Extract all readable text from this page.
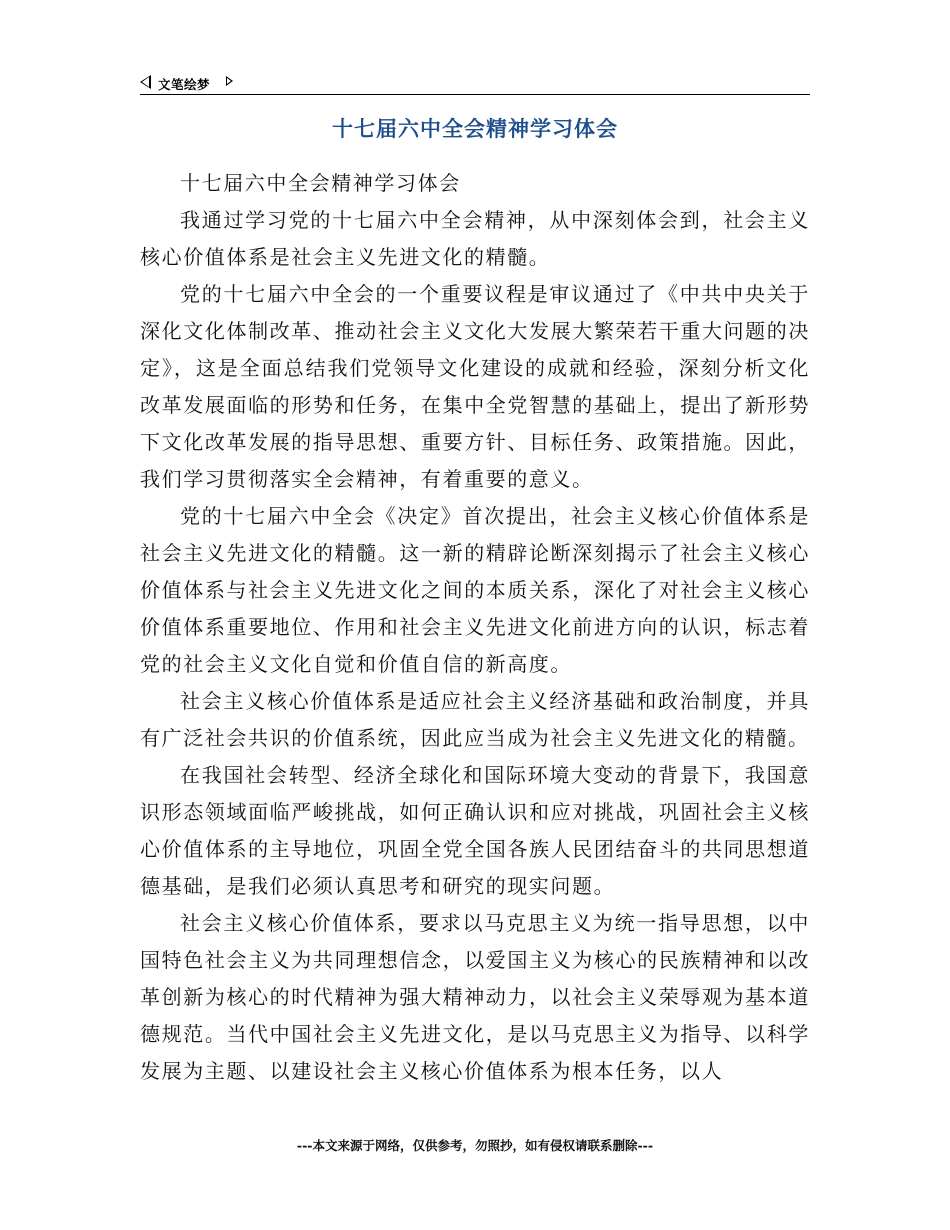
文笔绘梦
十七届六中全会精神学习体会

十七届六中全会精神学习体会

我通过学习党的十七届六中全会精神，从中深刻体会到，社会主义核心价值体系是社会主义先进文化的精髓。

党的十七届六中全会的一个重要议程是审议通过了《中共中央关于深化文化体制改革、推动社会主义文化大发展大繁荣若干重大问题的决定》，这是全面总结我们党领导文化建设的成就和经验，深刻分析文化改革发展面临的形势和任务，在集中全党智慧的基础上，提出了新形势下文化改革发展的指导思想、重要方针、目标任务、政策措施。因此，我们学习贯彻落实全会精神，有着重要的意义。

党的十七届六中全会《决定》首次提出，社会主义核心价值体系是社会主义先进文化的精髓。这一新的精辟论断深刻揭示了社会主义核心价值体系与社会主义先进文化之间的本质关系，深化了对社会主义核心价值体系重要地位、作用和社会主义先进文化前进方向的认识，标志着党的社会主义文化自觉和价值自信的新高度。

社会主义核心价值体系是适应社会主义经济基础和政治制度，并具有广泛社会共识的价值系统，因此应当成为社会主义先进文化的精髓。

在我国社会转型、经济全球化和国际环境大变动的背景下，我国意识形态领域面临严峻挑战，如何正确认识和应对挑战，巩固社会主义核心价值体系的主导地位，巩固全党全国各族人民团结奋斗的共同思想道德基础，是我们必须认真思考和研究的现实问题。

社会主义核心价值体系，要求以马克思主义为统一指导思想，以中国特色社会主义为共同理想信念，以爱国主义为核心的民族精神和以改革创新为核心的时代精神为强大精神动力，以社会主义荣辱观为基本道德规范。当代中国社会主义先进文化，是以马克思主义为指导、以科学发展为主题、以建设社会主义核心价值体系为根本任务，以人

---本文来源于网络，仅供参考，勿照抄，如有侵权请联系删除---
